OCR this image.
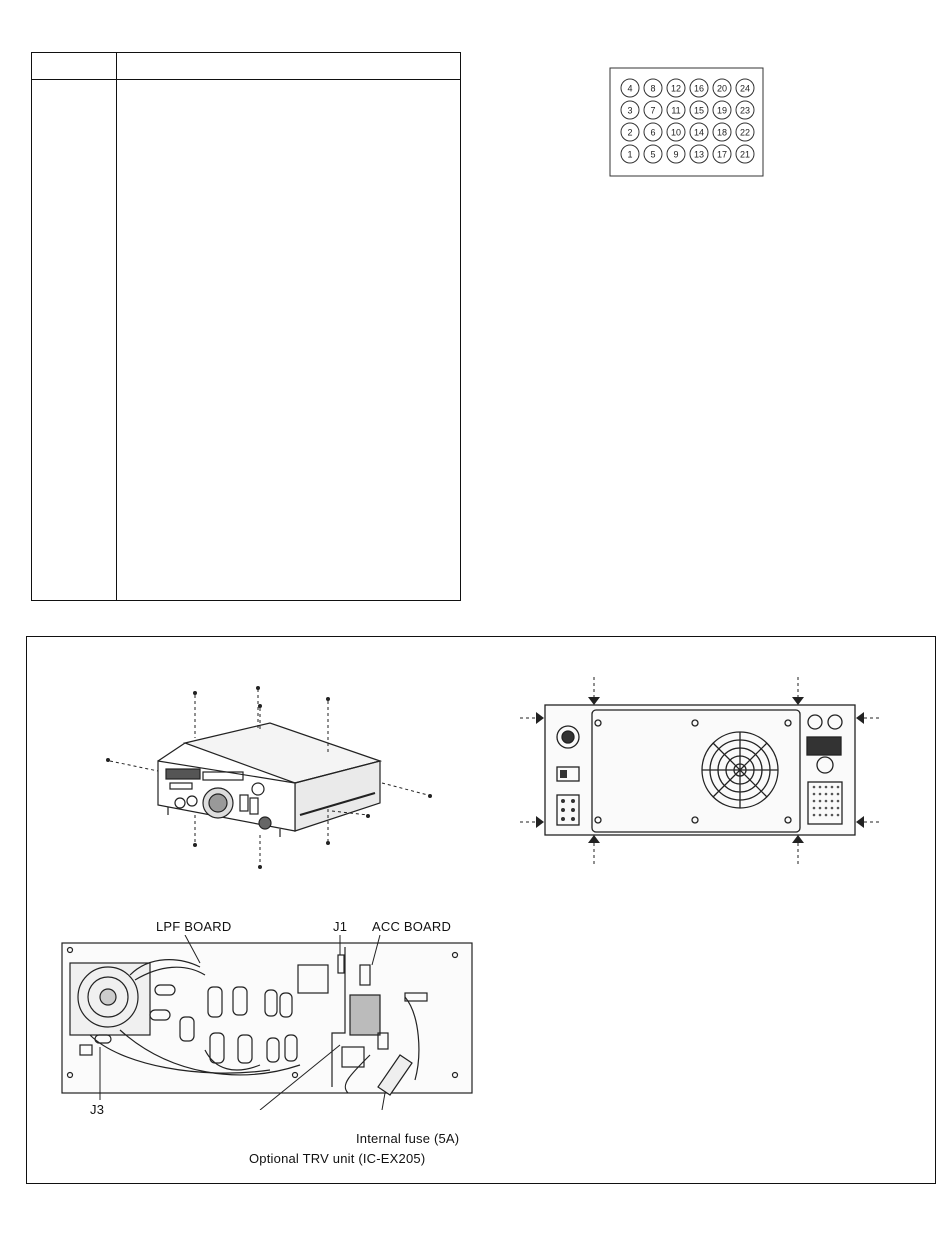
4 8 12 16 20 24
3 7 11 15 19 23
2 6 10 14 18 22
1 5 9 13 17 21
LPF BOARD	J1 ACC BOARD
J3
Internal fuse (5A)
Optional TRV unit (IC-EX205)
